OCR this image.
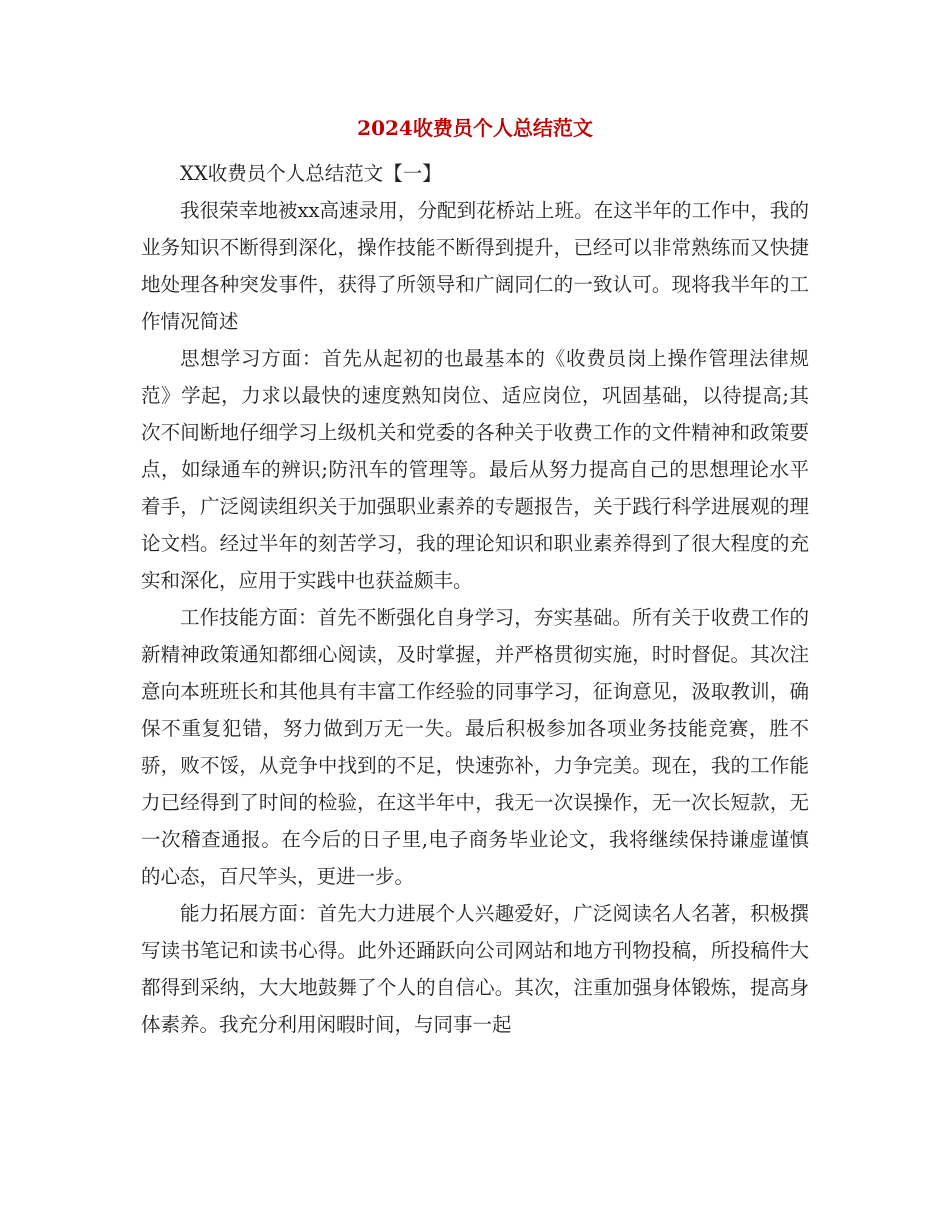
2024收费员个人总结范文

XX收费员个人总结范文【一】

我很荣幸地被xx高速录用，分配到花桥站上班。在这半年的工作中，我的业务知识不断得到深化，操作技能不断得到提升，已经可以非常熟练而又快捷地处理各种突发事件，获得了所领导和广阔同仁的一致认可。现将我半年的工作情况简述

思想学习方面：首先从起初的也最基本的《收费员岗上操作管理法律规范》学起，力求以最快的速度熟知岗位、适应岗位，巩固基础，以待提高;其次不间断地仔细学习上级机关和党委的各种关于收费工作的文件精神和政策要点，如绿通车的辨识;防汛车的管理等。最后从努力提高自己的思想理论水平着手，广泛阅读组织关于加强职业素养的专题报告，关于践行科学进展观的理论文档。经过半年的刻苦学习，我的理论知识和职业素养得到了很大程度的充实和深化，应用于实践中也获益颇丰。

工作技能方面：首先不断强化自身学习，夯实基础。所有关于收费工作的新精神政策通知都细心阅读，及时掌握，并严格贯彻实施，时时督促。其次注意向本班班长和其他具有丰富工作经验的同事学习，征询意见，汲取教训，确保不重复犯错，努力做到万无一失。最后积极参加各项业务技能竞赛，胜不骄，败不馁，从竞争中找到的不足，快速弥补，力争完美。现在，我的工作能力已经得到了时间的检验，在这半年中，我无一次误操作，无一次长短款，无一次稽查通报。在今后的日子里,电子商务毕业论文，我将继续保持谦虚谨慎的心态，百尺竿头，更进一步。

能力拓展方面：首先大力进展个人兴趣爱好，广泛阅读名人名著，积极撰写读书笔记和读书心得。此外还踊跃向公司网站和地方刊物投稿，所投稿件大都得到采纳，大大地鼓舞了个人的自信心。其次，注重加强身体锻炼，提高身体素养。我充分利用闲暇时间，与同事一起
